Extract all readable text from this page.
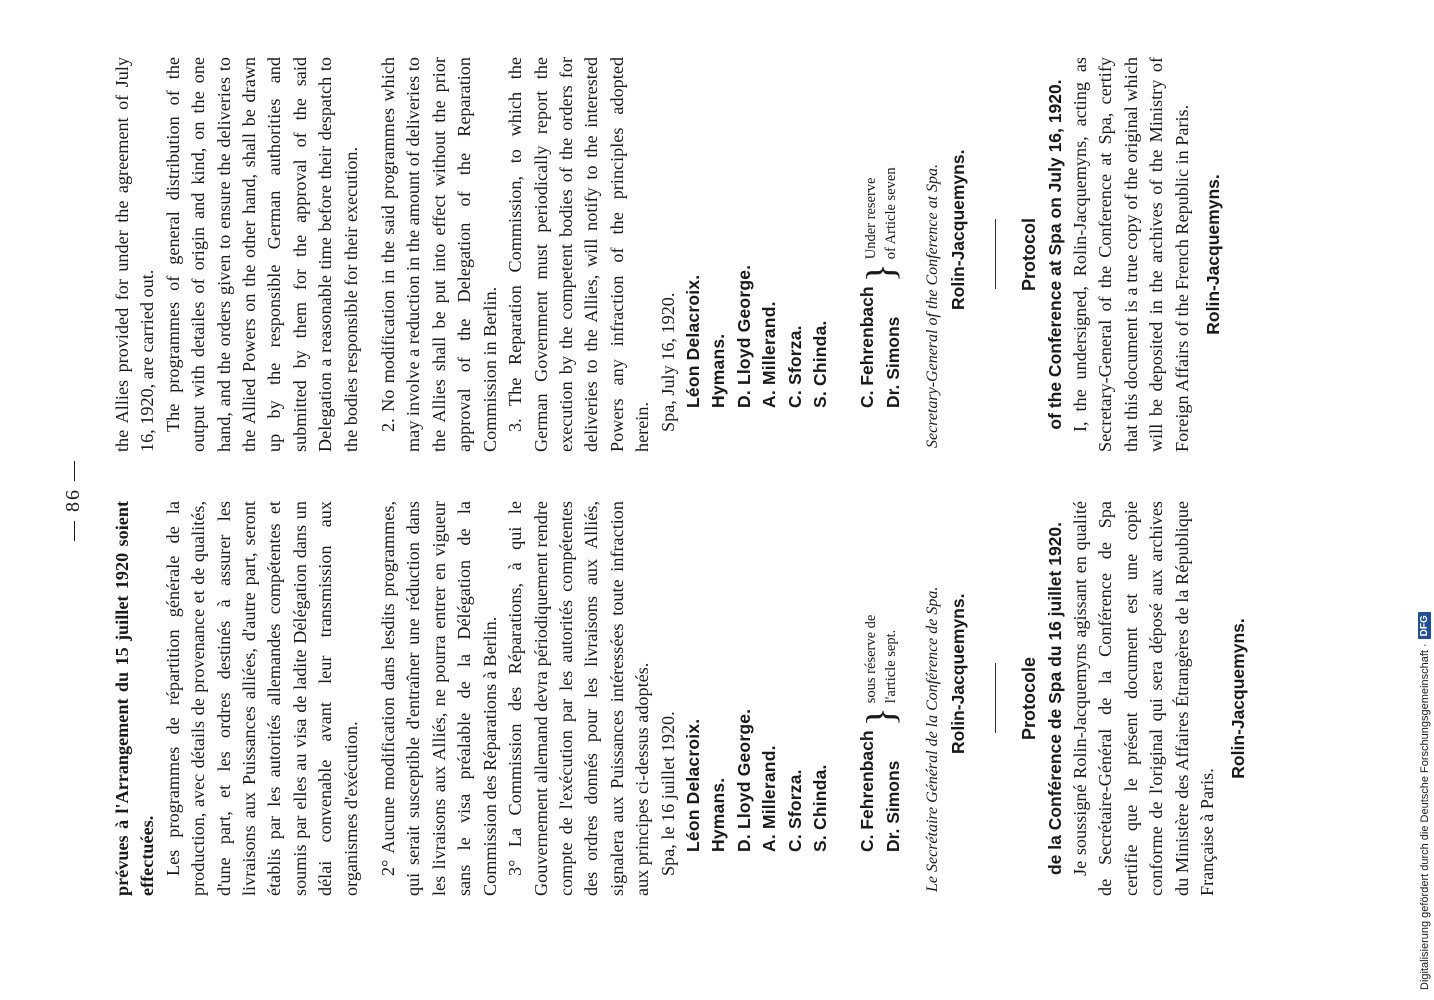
— 86 —

prévues à l'Arrangement du 15 juillet 1920 soient effectuées. Les programmes de répartition générale de la production, avec détails de provenance et de qualités, d'une part, et les ordres destinés à assurer les livraisons aux Puissances alliées, d'autre part, seront établis par les autorités allemandes compétentes et soumis par elles au visa de ladite Délégation dans un délai convenable avant leur transmission aux organismes d'exécution. 2° Aucune modification dans lesdits programmes, qui serait susceptible d'entraîner une réduction dans les livraisons aux Alliés, ne pourra entrer en vigueur sans le visa préalable de la Délégation de la Commission des Réparations à Berlin. 3° La Commission des Réparations, à qui le Gouvernement allemand devra périodiquement rendre compte de l'exécution par les autorités compétentes des ordres donnés pour les livraisons aux Alliés, signalera aux Puissances intéressées toute infraction aux principes ci-dessus adoptés. Spa, le 16 juillet 1920. Léon Delacroix. Hymans. D. Lloyd George. A. Millerand. C. Sforza. S. Chinda. C. Fehrenbach Dr. Simons
}
sous réserve de l'article sept. Le Secrétaire Général de la Conférence de Spa. Rolin-Jacquemyns.	Protocole de la Conférence de Spa du 16 juillet 1920. Je soussigné Rolin-Jacquemyns agissant en qualité de Secrétaire-Général de la Conférence de Spa certifie que le présent document est une copie conforme de l'original qui sera déposé aux archives du Ministère des Affaires Étrangères de la République Française à Paris.

Rolin-Jacquemyns.

the Allies provided for under the agreement of July 16, 1920, are carried out. The programmes of general distribution of the output with detailes of origin and kind, on the one hand, and the orders given to ensure the deliveries to the Allied Powers on the other hand, shall be drawn up by the responsible German authorities and submitted by them for the approval of the said Delegation a reasonable time before their despatch to the bodies responsible for their execution. 2. No modification in the said programmes which may involve a reduction in the amount of deliveries to the Allies shall be put into effect without the prior approval of the Delegation of the Reparation Commission in Berlin. 3. The Reparation Commission, to which the German Government must periodically report the execution by the competent bodies of the orders for deliveries to the Allies, will notify to the interested Powers any infraction of the principles adopted herein. Spa, July 16, 1920. Léon Delacroix. Hymans. D. Lloyd George. A. Millerand. C. Sforza. S. Chinda. C. Fehrenbach Dr. Simons
}
Under reserve of Article seven Secretary-General of the Conference at Spa. Rolin-Jacquemyns.	Protocol of the Conference at Spa on July 16, 1920. I, the undersigned, Rolin-Jacquemyns, acting as Secretary-General of the Conference at Spa, certify that this document is a true copy of the original which will be deposited in the archives of the Ministry of Foreign Affairs of the French Republic in Paris. Rolin-Jacquemyns.
Digitalisierung gefördert durch die Deutsche Forschungsgemeinschaft ·
DFG
